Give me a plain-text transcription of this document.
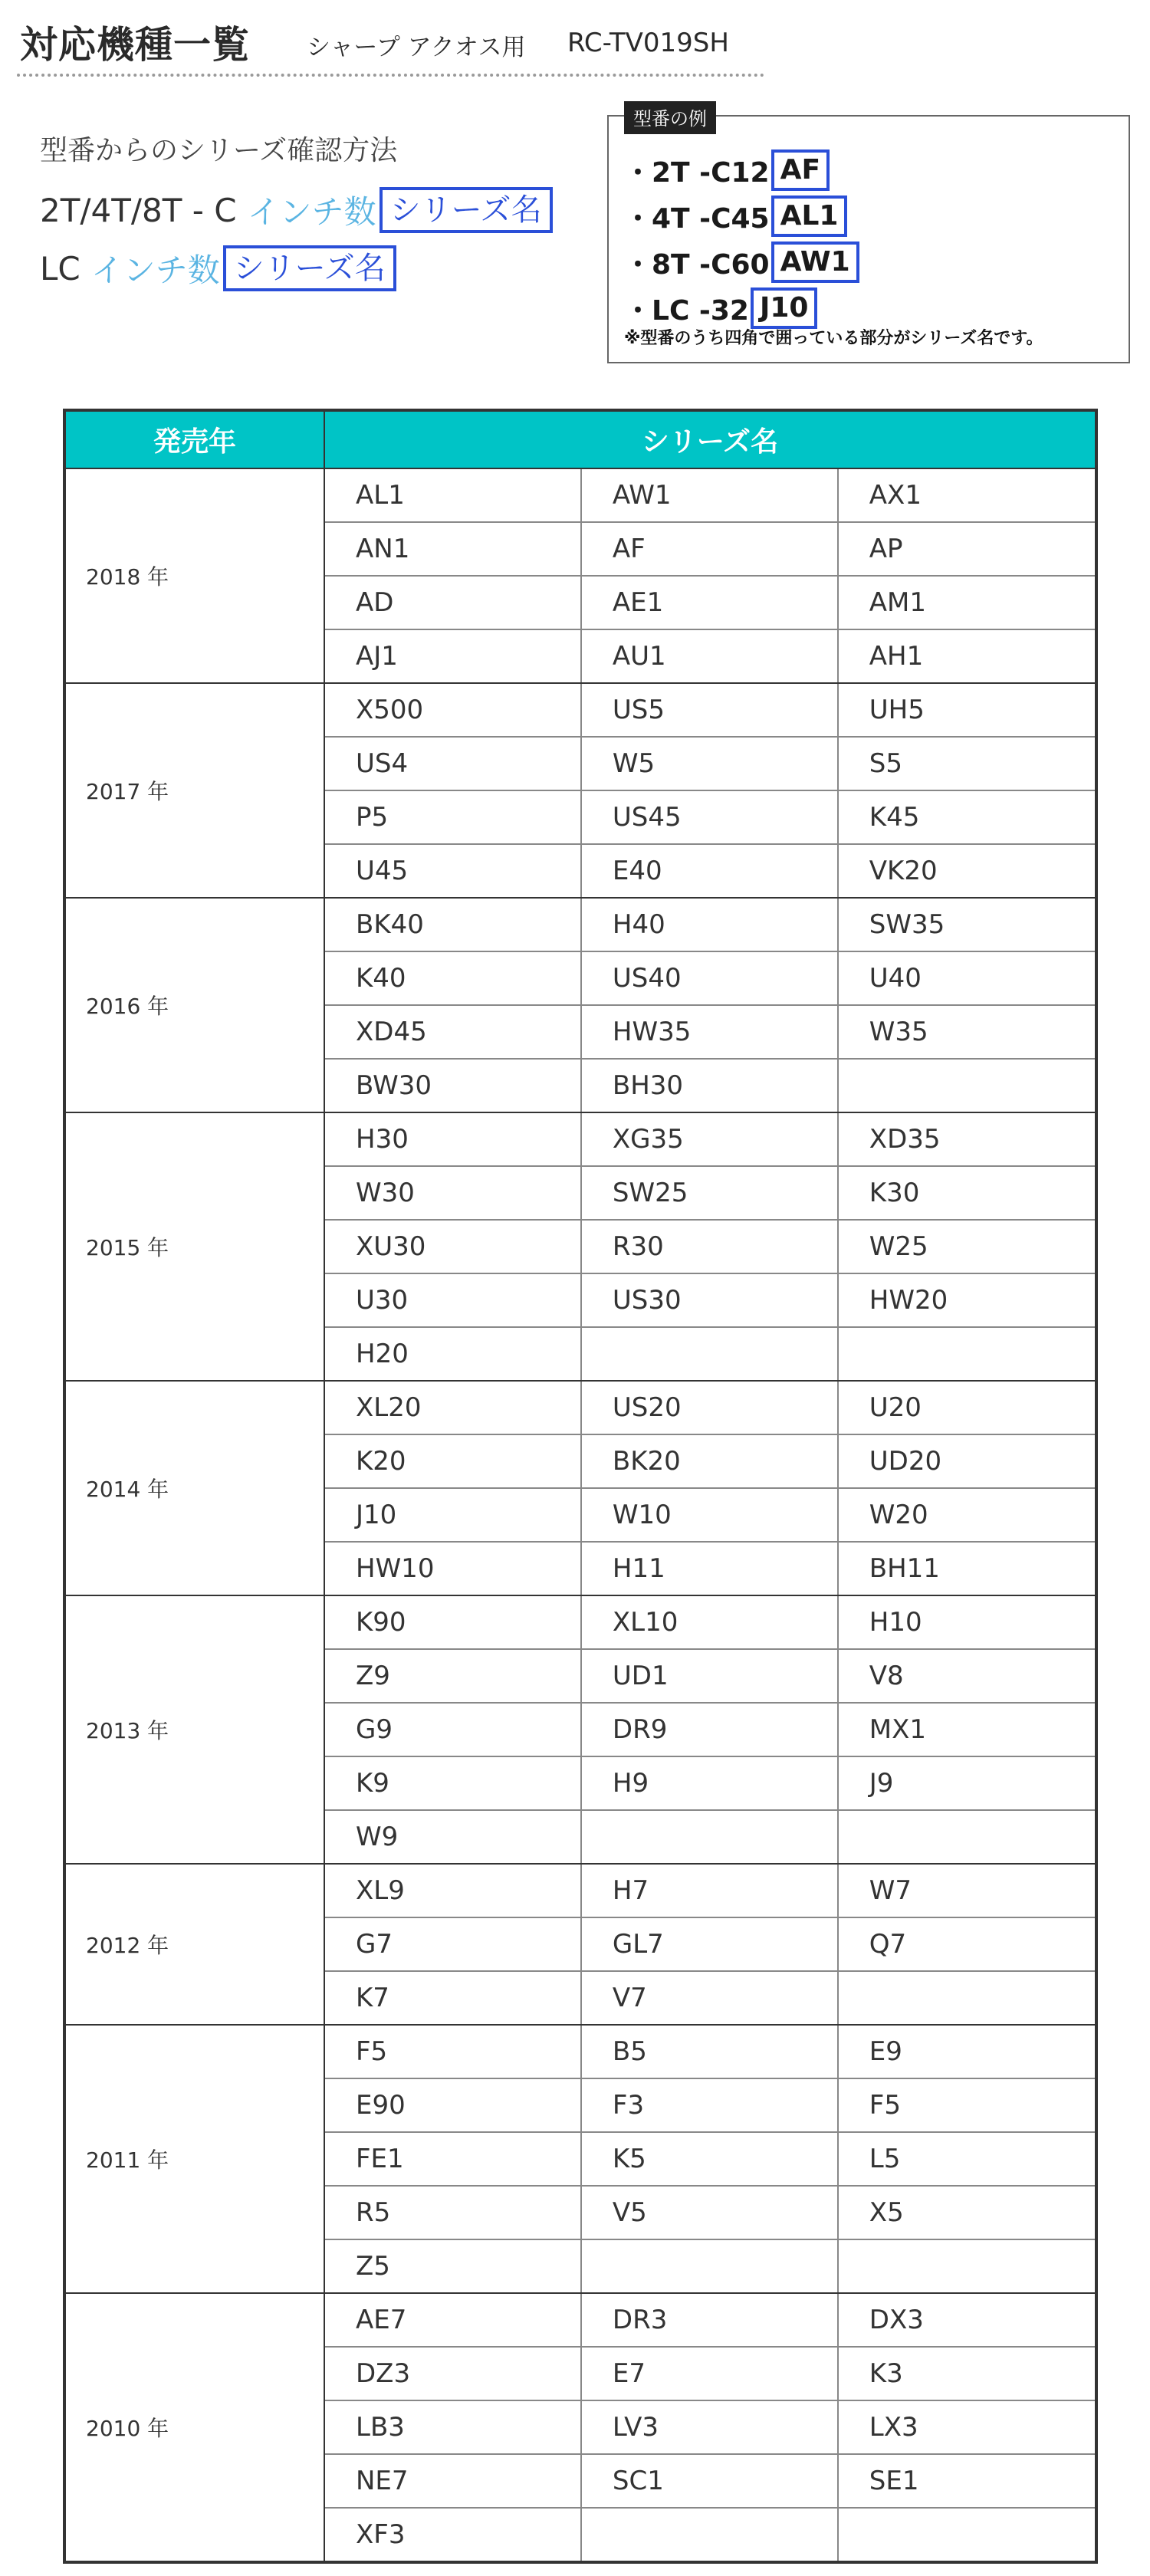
対応機種一覧 シャープ アクオス用 RC-TV019SH
型番からのシリーズ確認方法
2T/4T/8T - C インチ数 シリーズ名
LC インチ数 シリーズ名
型番の例
・2T -C12 AF
・4T -C45 AL1
・8T -C60 AW1
・LC -32 J10
※型番のうち四角で囲っている部分がシリーズ名です。
発売年	シリーズ名		
2018 年	AL1	AW1	AX1
	AN1	AF	AP
	AD	AE1	AM1
	AJ1	AU1	AH1
2017 年	X500	US5	UH5
	US4	W5	S5
	P5	US45	K45
	U45	E40	VK20
2016 年	BK40	H40	SW35
	K40	US40	U40
	XD45	HW35	W35
	BW30	BH30	
2015 年	H30	XG35	XD35
	W30	SW25	K30
	XU30	R30	W25
	U30	US30	HW20
	H20		
2014 年	XL20	US20	U20
	K20	BK20	UD20
	J10	W10	W20
	HW10	H11	BH11
2013 年	K90	XL10	H10
	Z9	UD1	V8
	G9	DR9	MX1
	K9	H9	J9
	W9		
2012 年	XL9	H7	W7
	G7	GL7	Q7
	K7	V7	
2011 年	F5	B5	E9
	E90	F3	F5
	FE1	K5	L5
	R5	V5	X5
	Z5		
2010 年	AE7	DR3	DX3
	DZ3	E7	K3
	LB3	LV3	LX3
	NE7	SC1	SE1
	XF3		
